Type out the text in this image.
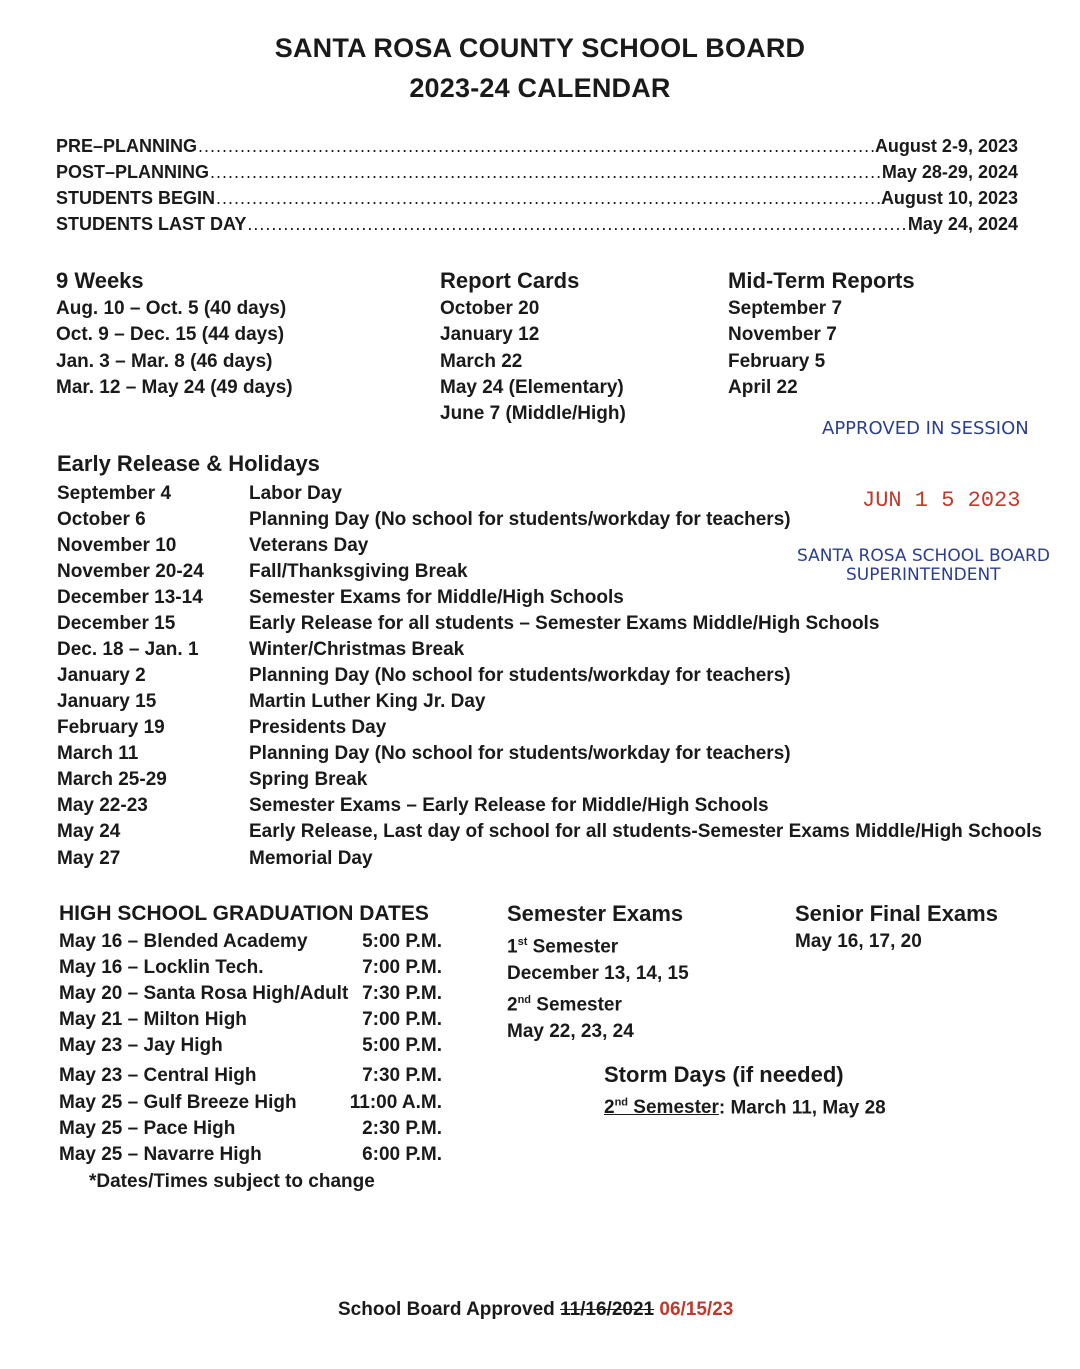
SANTA ROSA COUNTY SCHOOL BOARD
2023-24 CALENDAR
PRE–PLANNING .....	August 2-9, 2023
POST–PLANNING .....	May 28-29, 2024
STUDENTS BEGIN .....	August 10, 2023
STUDENTS LAST DAY .....	May 24, 2024
9 Weeks
Aug. 10 – Oct. 5 (40 days)
Oct. 9 – Dec. 15 (44 days)
Jan. 3 – Mar. 8 (46 days)
Mar. 12 – May 24 (49 days)
Report Cards
October 20
January 12
March 22
May 24 (Elementary)
June 7 (Middle/High)
Mid-Term Reports
September 7
November 7
February 5
April 22
APPROVED IN SESSION
JUN 1 5 2023
SANTA ROSA SCHOOL BOARD
SUPERINTENDENT
Early Release & Holidays
September 4	Labor Day
October 6	Planning Day (No school for students/workday for teachers)
November 10	Veterans Day
November 20-24	Fall/Thanksgiving Break
December 13-14	Semester Exams for Middle/High Schools
December 15	Early Release for all students – Semester Exams Middle/High Schools
Dec. 18 – Jan. 1	Winter/Christmas Break
January 2	Planning Day (No school for students/workday for teachers)
January 15	Martin Luther King Jr. Day
February 19	Presidents Day
March 11	Planning Day (No school for students/workday for teachers)
March 25-29	Spring Break
May 22-23	Semester Exams – Early Release for Middle/High Schools
May 24	Early Release, Last day of school for all students-Semester Exams Middle/High Schools
May 27	Memorial Day
HIGH SCHOOL GRADUATION DATES
May 16 – Blended Academy	5:00 P.M.
May 16 – Locklin Tech.	7:00 P.M.
May 20 – Santa Rosa High/Adult 7:30 P.M.
May 21 – Milton High	7:00 P.M.
May 23 – Jay High	5:00 P.M.
May 23 – Central High	7:30 P.M.
May 25 – Gulf Breeze High	11:00 A.M.
May 25 – Pace High	2:30 P.M.
May 25 – Navarre High	6:00 P.M.
*Dates/Times subject to change
Semester Exams
1st Semester
December 13, 14, 15
2nd Semester
May 22, 23, 24
Senior Final Exams
May 16, 17, 20
Storm Days (if needed)
2nd Semester: March 11, May 28
School Board Approved 11/16/2021 06/15/23
